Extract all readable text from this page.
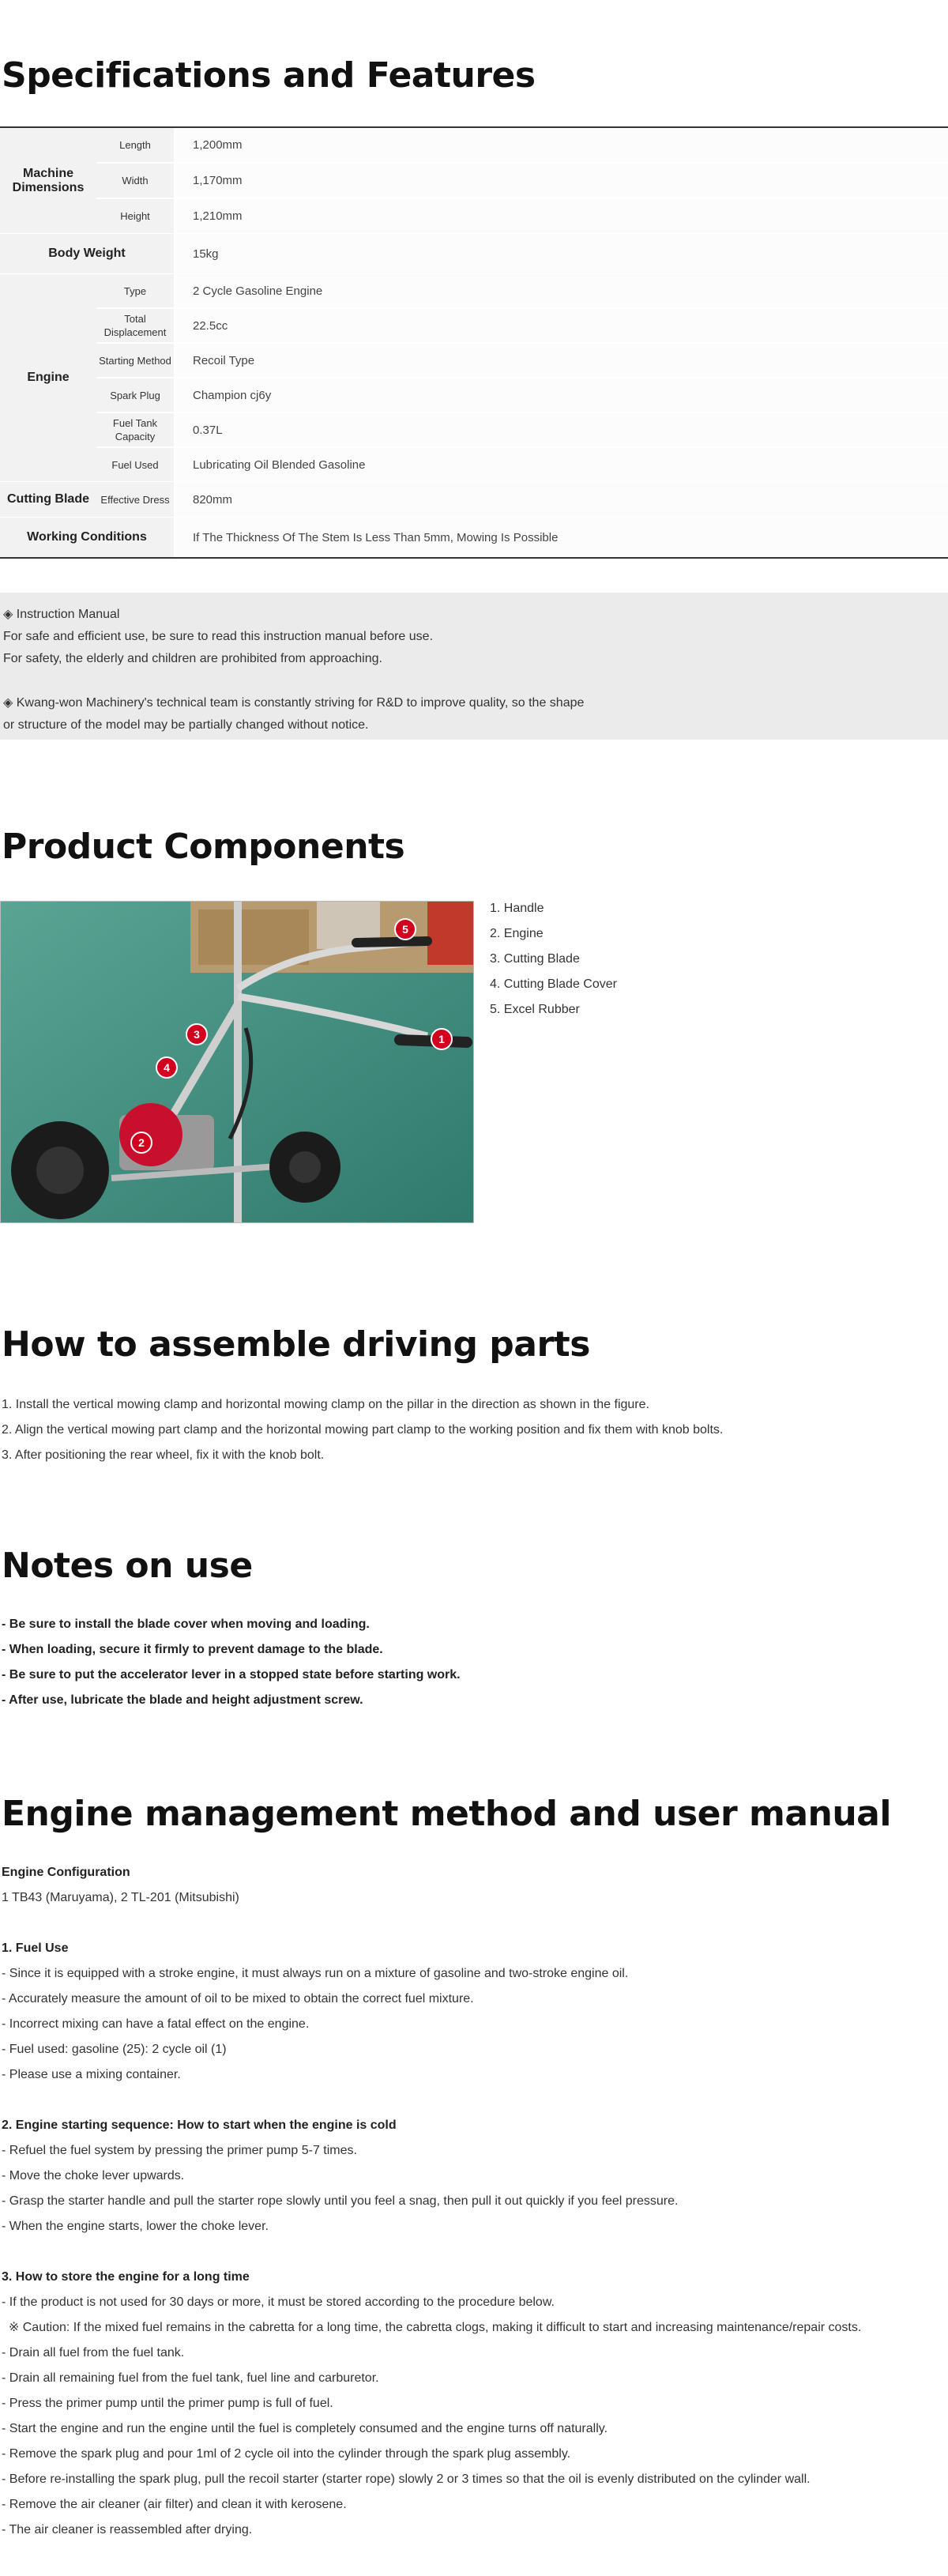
Specifications and Features
Machine Dimensions
Length	1,200mm
Width	1,170mm
Height	1,210mm
Body Weight	15kg
Engine
Type	2 Cycle Gasoline Engine
Total Displacement	22.5cc
Starting Method	Recoil Type
Spark Plug	Champion cj6y
Fuel Tank Capacity	0.37L
Fuel Used	Lubricating Oil Blended Gasoline
Cutting Blade	Effective Dress	820mm
Working Conditions	If The Thickness Of The Stem Is Less Than 5mm, Mowing Is Possible

◈ Instruction Manual

For safe and efficient use, be sure to read this instruction manual before use.

For safety, the elderly and children are prohibited from approaching.

◈ Kwang-won Machinery's technical team is constantly striving for R&D to improve quality, so the shape

or structure of the model may be partially changed without notice.

Product Components
1
2
3
4
5
1. Handle
2. Engine
3. Cutting Blade
4. Cutting Blade Cover
5. Excel Rubber
How to assemble driving parts
1. Install the vertical mowing clamp and horizontal mowing clamp on the pillar in the direction as shown in the figure.
2. Align the vertical mowing part clamp and the horizontal mowing part clamp to the working position and fix them with knob bolts.
3. After positioning the rear wheel, fix it with the knob bolt.
Notes on use
- Be sure to install the blade cover when moving and loading.
- When loading, secure it firmly to prevent damage to the blade.
- Be sure to put the accelerator lever in a stopped state before starting work.
- After use, lubricate the blade and height adjustment screw.
Engine management method and user manual
Engine Configuration
1 TB43 (Maruyama), 2 TL-201 (Mitsubishi)
1. Fuel Use
- Since it is equipped with a stroke engine, it must always run on a mixture of gasoline and two-stroke engine oil.
- Accurately measure the amount of oil to be mixed to obtain the correct fuel mixture.
- Incorrect mixing can have a fatal effect on the engine.
- Fuel used: gasoline (25): 2 cycle oil (1)
- Please use a mixing container.
2. Engine starting sequence: How to start when the engine is cold
- Refuel the fuel system by pressing the primer pump 5-7 times.
- Move the choke lever upwards.
- Grasp the starter handle and pull the starter rope slowly until you feel a snag, then pull it out quickly if you feel pressure.
- When the engine starts, lower the choke lever.
3. How to store the engine for a long time
- If the product is not used for 30 days or more, it must be stored according to the procedure below.
※ Caution: If the mixed fuel remains in the cabretta for a long time, the cabretta clogs, making it difficult to start and increasing maintenance/repair costs.
- Drain all fuel from the fuel tank.
- Drain all remaining fuel from the fuel tank, fuel line and carburetor.
- Press the primer pump until the primer pump is full of fuel.
- Start the engine and run the engine until the fuel is completely consumed and the engine turns off naturally.
- Remove the spark plug and pour 1ml of 2 cycle oil into the cylinder through the spark plug assembly.
- Before re-installing the spark plug, pull the recoil starter (starter rope) slowly 2 or 3 times so that the oil is evenly distributed on the cylinder wall.
- Remove the air cleaner (air filter) and clean it with kerosene.
- The air cleaner is reassembled after drying.
